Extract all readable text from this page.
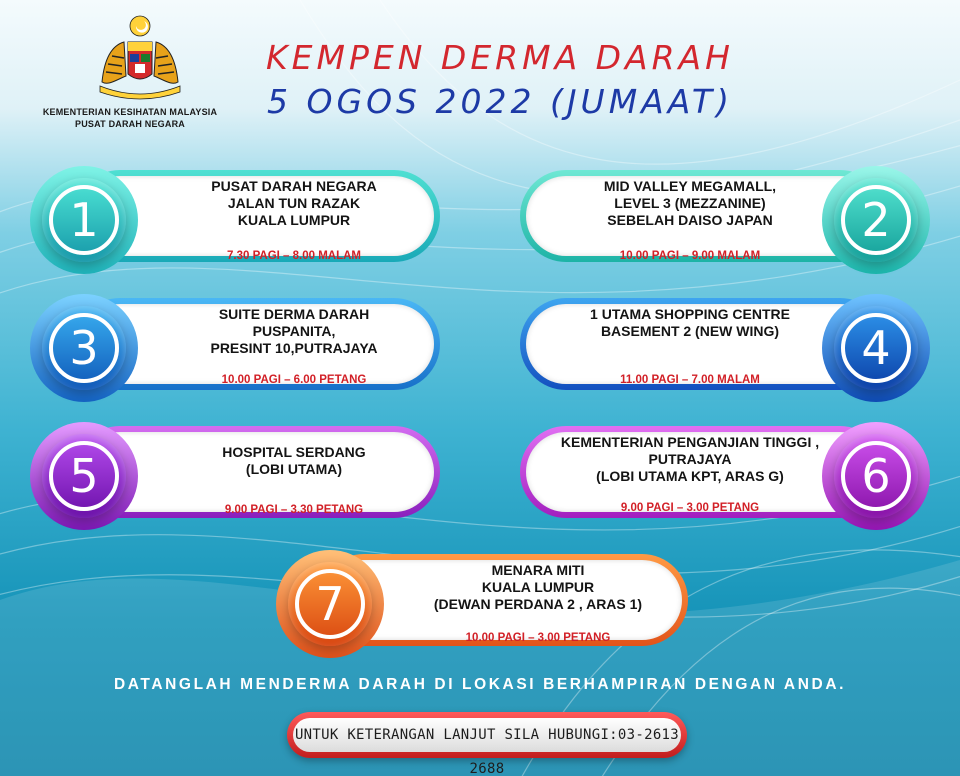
KEMENTERIAN KESIHATAN MALAYSIA
PUSAT DARAH NEGARA
KEMPEN DERMA DARAH
5 OGOS 2022 (JUMAAT)
PUSAT DARAH NEGARA
JALAN TUN RAZAK
KUALA LUMPUR
7.30 PAGI – 8.00 MALAM
1
MID VALLEY MEGAMALL,
LEVEL 3 (MEZZANINE)
SEBELAH DAISO JAPAN
10.00 PAGI – 9.00 MALAM
2
SUITE DERMA DARAH
PUSPANITA,
PRESINT 10,PUTRAJAYA
10.00 PAGI – 6.00 PETANG
3
1 UTAMA SHOPPING CENTRE
BASEMENT 2 (NEW WING)
11.00 PAGI – 7.00 MALAM
4
HOSPITAL SERDANG
(LOBI UTAMA)
9.00 PAGI – 3.30 PETANG
5
KEMENTERIAN PENGANJIAN TINGGI ,
PUTRAJAYA
(LOBI UTAMA KPT, ARAS G)
9.00 PAGI – 3.00 PETANG
6
MENARA MITI
KUALA LUMPUR
(DEWAN PERDANA 2 , ARAS 1)
10.00 PAGI – 3.00 PETANG
7
DATANGLAH MENDERMA DARAH DI LOKASI BERHAMPIRAN DENGAN ANDA.
UNTUK KETERANGAN LANJUT SILA HUBUNGI:03-2613 2688
